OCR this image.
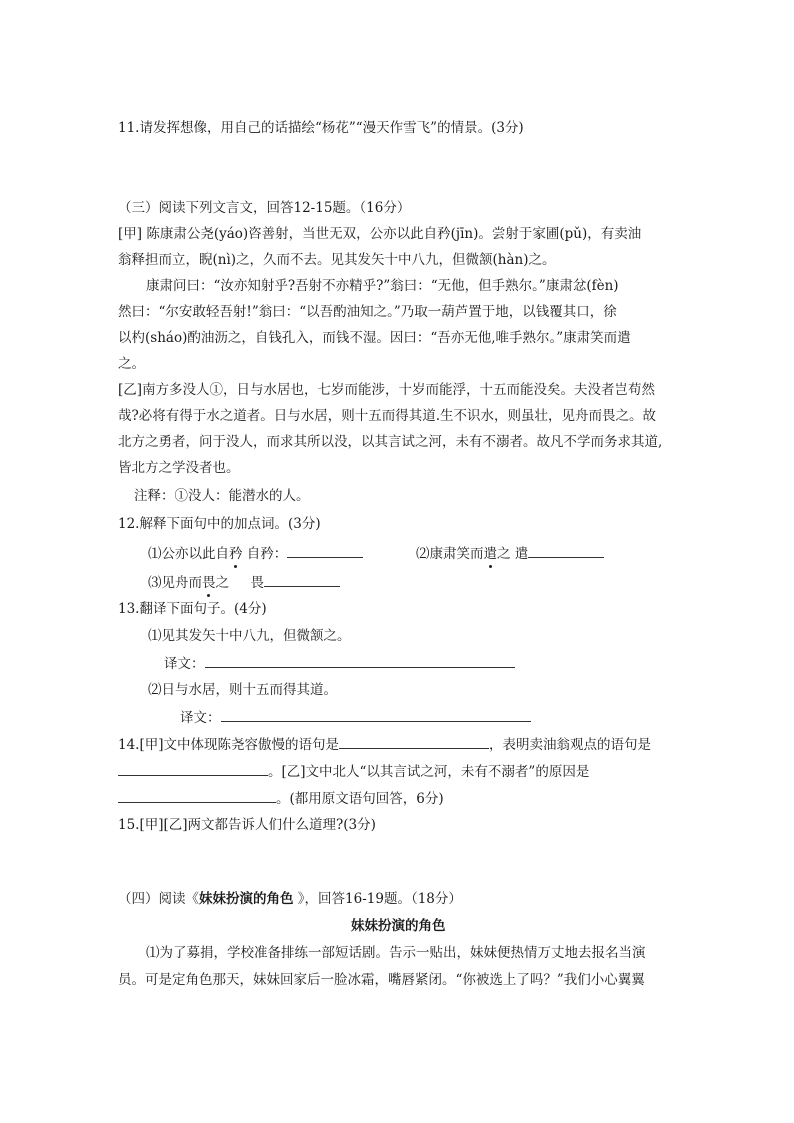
11.请发挥想像，用自己的话描绘“杨花”“漫天作雪飞”的情景。(3分)
（三）阅读下列文言文，回答12-15题。（16分）
[甲] 陈康肃公尧(yáo)咨善射，当世无双，公亦以此自矜(jīn)。尝射于家圃(pǔ)，有卖油
翁释担而立，睨(nì)之，久而不去。见其发矢十中八九，但微颔(hàn)之。
康肃问曰：“汝亦知射乎?吾射不亦精乎?”翁曰：“无他，但手熟尔。”康肃忿(fèn)
然曰：“尔安敢轻吾射!”翁曰：“以吾酌油知之。”乃取一葫芦置于地，以钱覆其口，徐
以杓(sháo)酌油沥之，自钱孔入，而钱不湿。因曰：“吾亦无他,唯手熟尔。”康肃笑而遣
之。
[乙]南方多没人①，日与水居也，七岁而能涉，十岁而能浮，十五而能没矣。夫没者岂苟然
哉?必将有得于水之道者。日与水居，则十五而得其道.生不识水，则虽壮，见舟而畏之。故
北方之勇者，问于没人，而求其所以没，以其言试之河，未有不溺者。故凡不学而务求其道,
皆北方之学没者也。
注释：①没人：能潜水的人。
12.解释下面句中的加点词。(3分)
⑴公亦以此自矜 自矜：	⑵康肃笑而遣之 遣
⑶见舟而畏之 畏
13.翻译下面句子。(4分)
⑴见其发矢十中八九，但微颔之。
译文：
⑵日与水居，则十五而得其道。
译文：
14.[甲]文中体现陈尧容傲慢的语句是	，表明卖油翁观点的语句是
。[乙]文中北人“以其言试之河，未有不溺者”的原因是
。(都用原文语句回答，6分)
15.[甲][乙]两文都告诉人们什么道理?(3分)
（四）阅读《妹妹扮演的角色 》，回答16-19题。（18分）
妹妹扮演的角色
⑴为了募捐，学校准备排练一部短话剧。告示一贴出，妹妹便热情万丈地去报名当演
员。可是定角色那天，妹妹回家后一脸冰霜，嘴唇紧闭。“你被选上了吗？”我们小心翼翼
